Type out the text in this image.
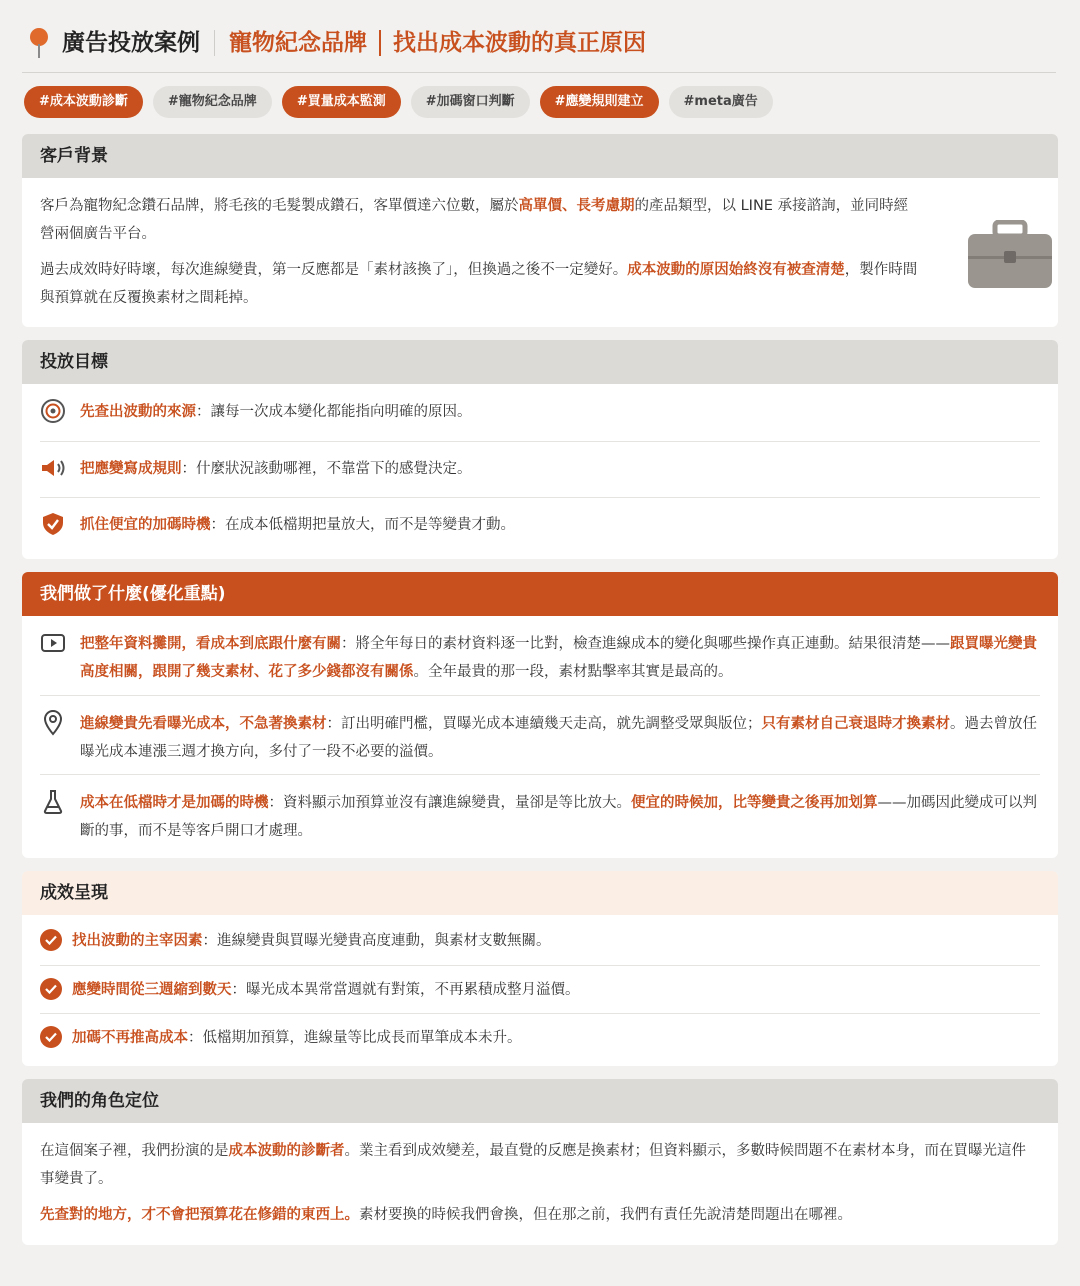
廣告投放案例 寵物紀念品牌 找出成本波動的真正原因
#成本波動診斷	#寵物紀念品牌	#買量成本監測	#加碼窗口判斷	#應變規則建立	#meta廣告
客戶背景

客戶為寵物紀念鑽石品牌，將毛孩的毛髮製成鑽石，客單價達六位數，屬於高單價、長考慮期的產品類型，以 LINE 承接諮詢，並同時經營兩個廣告平台。

過去成效時好時壞，每次進線變貴，第一反應都是「素材該換了」，但換過之後不一定變好。成本波動的原因始終沒有被查清楚，製作時間與預算就在反覆換素材之間耗掉。

投放目標
先查出波動的來源：讓每一次成本變化都能指向明確的原因。
把應變寫成規則：什麼狀況該動哪裡，不靠當下的感覺決定。
抓住便宜的加碼時機：在成本低檔期把量放大，而不是等變貴才動。
我們做了什麼(優化重點)
把整年資料攤開，看成本到底跟什麼有關：將全年每日的素材資料逐一比對，檢查進線成本的變化與哪些操作真正連動。結果很清楚——跟買曝光變貴高度相關，跟開了幾支素材、花了多少錢都沒有關係。全年最貴的那一段，素材點擊率其實是最高的。
進線變貴先看曝光成本，不急著換素材：訂出明確門檻，買曝光成本連續幾天走高，就先調整受眾與版位；只有素材自己衰退時才換素材。過去曾放任曝光成本連漲三週才換方向，多付了一段不必要的溢價。
成本在低檔時才是加碼的時機：資料顯示加預算並沒有讓進線變貴，量卻是等比放大。便宜的時候加，比等變貴之後再加划算——加碼因此變成可以判斷的事，而不是等客戶開口才處理。
成效呈現
找出波動的主宰因素：進線變貴與買曝光變貴高度連動，與素材支數無關。
應變時間從三週縮到數天：曝光成本異常當週就有對策，不再累積成整月溢價。
加碼不再推高成本：低檔期加預算，進線量等比成長而單筆成本未升。
我們的角色定位

在這個案子裡，我們扮演的是成本波動的診斷者。業主看到成效變差，最直覺的反應是換素材；但資料顯示，多數時候問題不在素材本身，而在買曝光這件事變貴了。

先查對的地方，才不會把預算花在修錯的東西上。素材要換的時候我們會換，但在那之前，我們有責任先說清楚問題出在哪裡。
